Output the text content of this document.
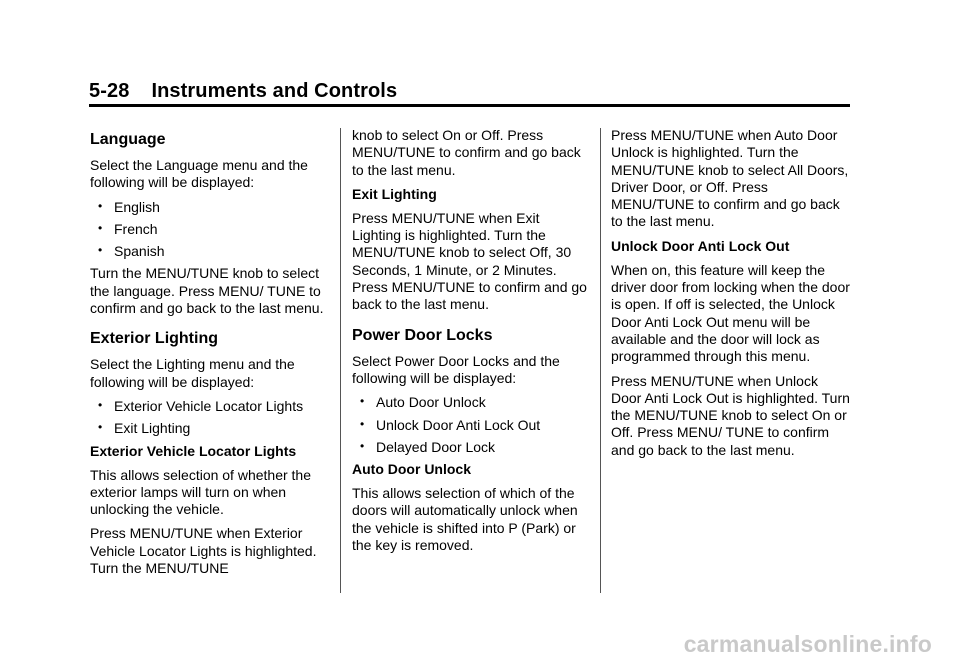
5-28 Instruments and Controls
Language

Select the Language menu and the following will be displayed:

• English
• French
• Spanish

Turn the MENU/TUNE knob to select the language. Press MENU/ TUNE to confirm and go back to the last menu.

Exterior Lighting

Select the Lighting menu and the following will be displayed:

• Exterior Vehicle Locator Lights
• Exit Lighting
Exterior Vehicle Locator Lights

This allows selection of whether the exterior lamps will turn on when unlocking the vehicle.

Press MENU/TUNE when Exterior Vehicle Locator Lights is highlighted. Turn the MENU/TUNE

knob to select On or Off. Press MENU/TUNE to confirm and go back to the last menu.

Exit Lighting

Press MENU/TUNE when Exit Lighting is highlighted. Turn the MENU/TUNE knob to select Off, 30 Seconds, 1 Minute, or 2 Minutes. Press MENU/TUNE to confirm and go back to the last menu.

Power Door Locks

Select Power Door Locks and the following will be displayed:

• Auto Door Unlock
• Unlock Door Anti Lock Out
• Delayed Door Lock
Auto Door Unlock

This allows selection of which of the doors will automatically unlock when the vehicle is shifted into P (Park) or the key is removed.

Press MENU/TUNE when Auto Door Unlock is highlighted. Turn the MENU/TUNE knob to select All Doors, Driver Door, or Off. Press MENU/TUNE to confirm and go back to the last menu.

Unlock Door Anti Lock Out

When on, this feature will keep the driver door from locking when the door is open. If off is selected, the Unlock Door Anti Lock Out menu will be available and the door will lock as programmed through this menu.

Press MENU/TUNE when Unlock Door Anti Lock Out is highlighted. Turn the MENU/TUNE knob to select On or Off. Press MENU/ TUNE to confirm and go back to the last menu.

carmanualsonline.info
